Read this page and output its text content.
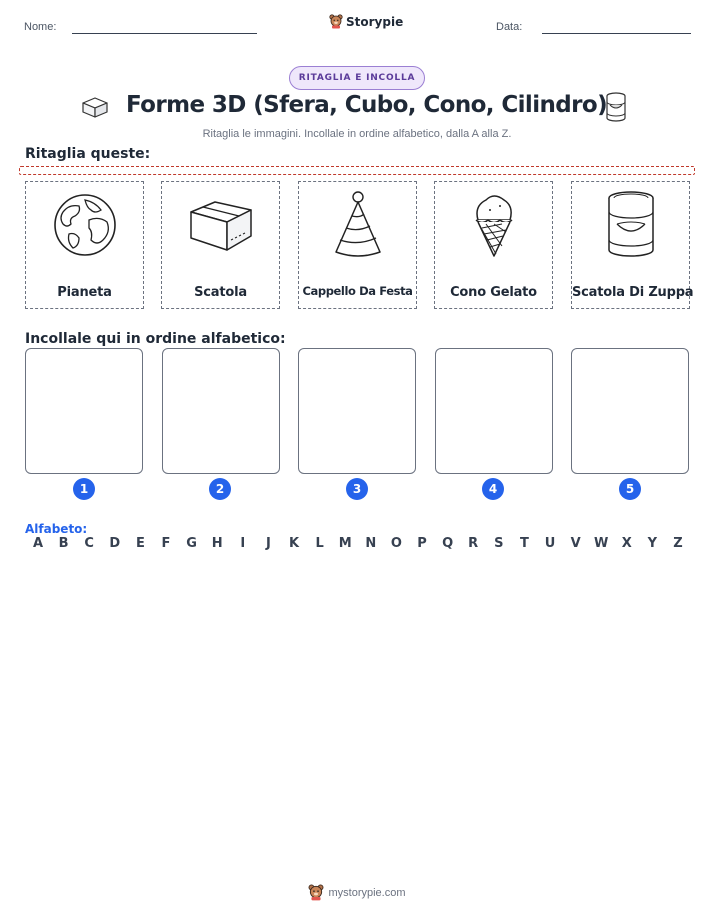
Nome:	Storypie	Data:
RITAGLIA E INCOLLA
Forme 3D (Sfera, Cubo, Cono, Cilindro)
Ritaglia le immagini. Incollale in ordine alfabetico, dalla A alla Z.
Ritaglia queste:
Pianeta	Scatola	Cappello Da Festa	Cono Gelato	Scatola Di Zuppa
Incollale qui in ordine alfabetico:
1	2	3	4	5
Alfabeto:
A	B	C	D	E	F	G	H	I	J	K	L	M	N	O	P	Q	R	S	T	U	V	W	X	Y	Z
mystorypie.com
